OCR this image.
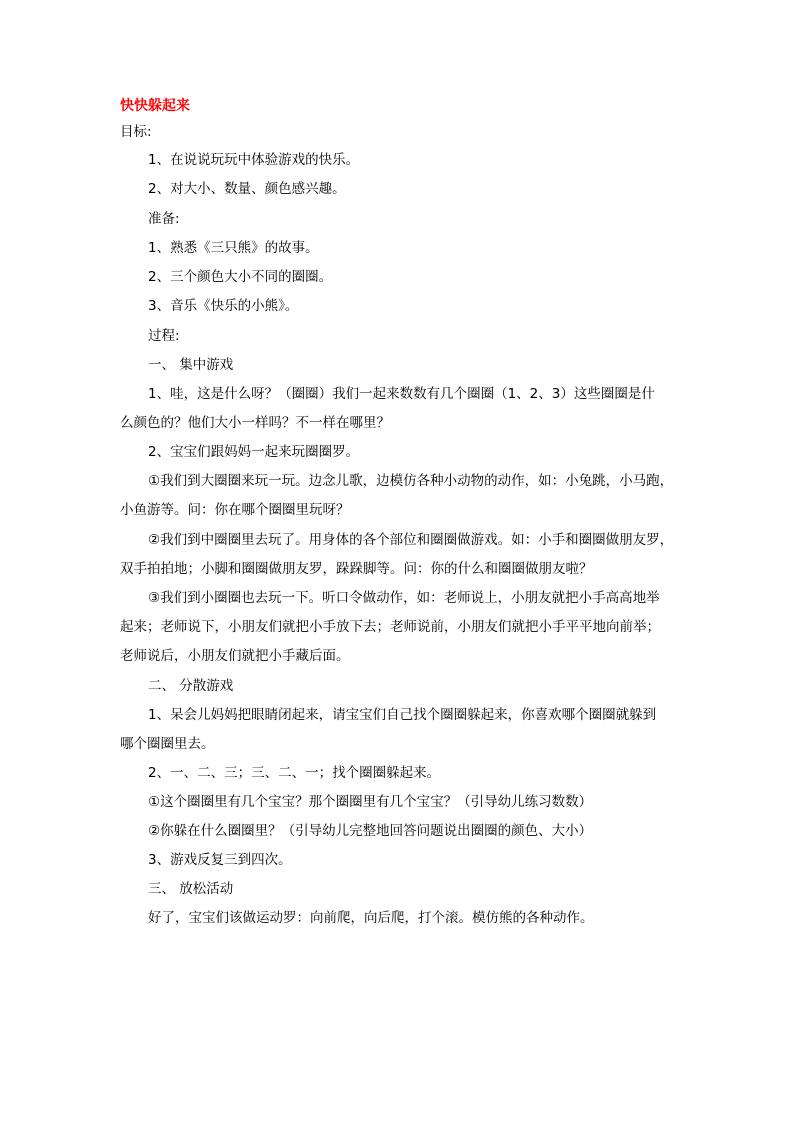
快快躲起来
目标:
1、在说说玩玩中体验游戏的快乐。
2、对大小、数量、颜色感兴趣。
准备:
1、熟悉《三只熊》的故事。
2、三个颜色大小不同的圈圈。
3、音乐《快乐的小熊》。
过程:
一、 集中游戏
1、哇，这是什么呀？（圈圈）我们一起来数数有几个圈圈（1、2、3）这些圈圈是什
么颜色的？他们大小一样吗？不一样在哪里？
2、宝宝们跟妈妈一起来玩圈圈罗。
①我们到大圈圈来玩一玩。边念儿歌，边模仿各种小动物的动作，如：小兔跳，小马跑，
小鱼游等。问：你在哪个圈圈里玩呀？
②我们到中圈圈里去玩了。用身体的各个部位和圈圈做游戏。如：小手和圈圈做朋友罗，
双手拍拍地；小脚和圈圈做朋友罗，跺跺脚等。问：你的什么和圈圈做朋友啦？
③我们到小圈圈也去玩一下。听口令做动作，如：老师说上，小朋友就把小手高高地举
起来；老师说下，小朋友们就把小手放下去；老师说前，小朋友们就把小手平平地向前举；
老师说后，小朋友们就把小手藏后面。
二、 分散游戏
1、呆会儿妈妈把眼睛闭起来，请宝宝们自己找个圈圈躲起来，你喜欢哪个圈圈就躲到
哪个圈圈里去。
2、一、二、三；三、二、一；找个圈圈躲起来。
①这个圈圈里有几个宝宝？那个圈圈里有几个宝宝？（引导幼儿练习数数）
②你躲在什么圈圈里？（引导幼儿完整地回答问题说出圈圈的颜色、大小）
3、游戏反复三到四次。
三、 放松活动
好了，宝宝们该做运动罗：向前爬，向后爬，打个滚。模仿熊的各种动作。
